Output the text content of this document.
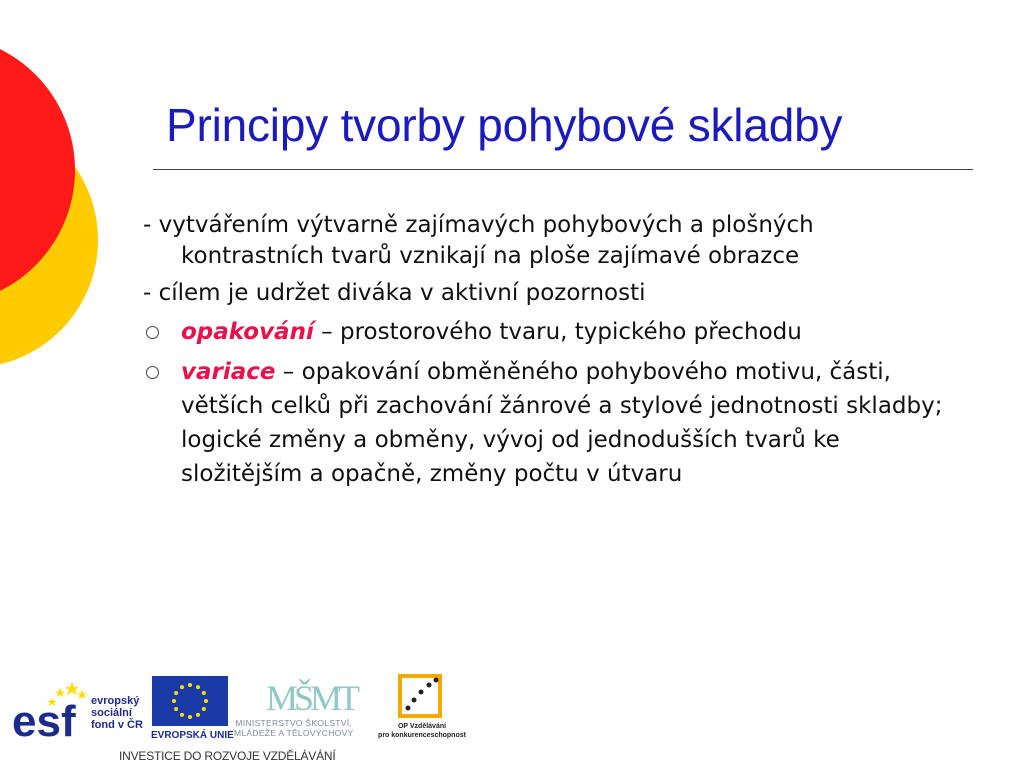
Principy tvorby pohybové skladby

- vytvářením výtvarně zajímavých pohybových a plošných kontrastních tvarů vznikají na ploše zajímavé obrazce

- cílem je udržet diváka v aktivní pozornosti

opakování – prostorového tvaru, typického přechodu
variace – opakování obměněného pohybového motivu, části, větších celků při zachování žánrové a stylové jednotnosti skladby; logické změny a obměny, vývoj od jednodušších tvarů ke složitějším a opačně, změny počtu v útvaru
esf evropský
sociální
fond v ČR
EVROPSKÁ UNIE
MŠMT
MINISTERSTVO ŠKOLSTVÍ,
MLÁDEŽE A TĚLOVÝCHOVY
OP Vzdělávání
pro konkurenceschopnost
INVESTICE DO ROZVOJE VZDĚLÁVÁNÍ
